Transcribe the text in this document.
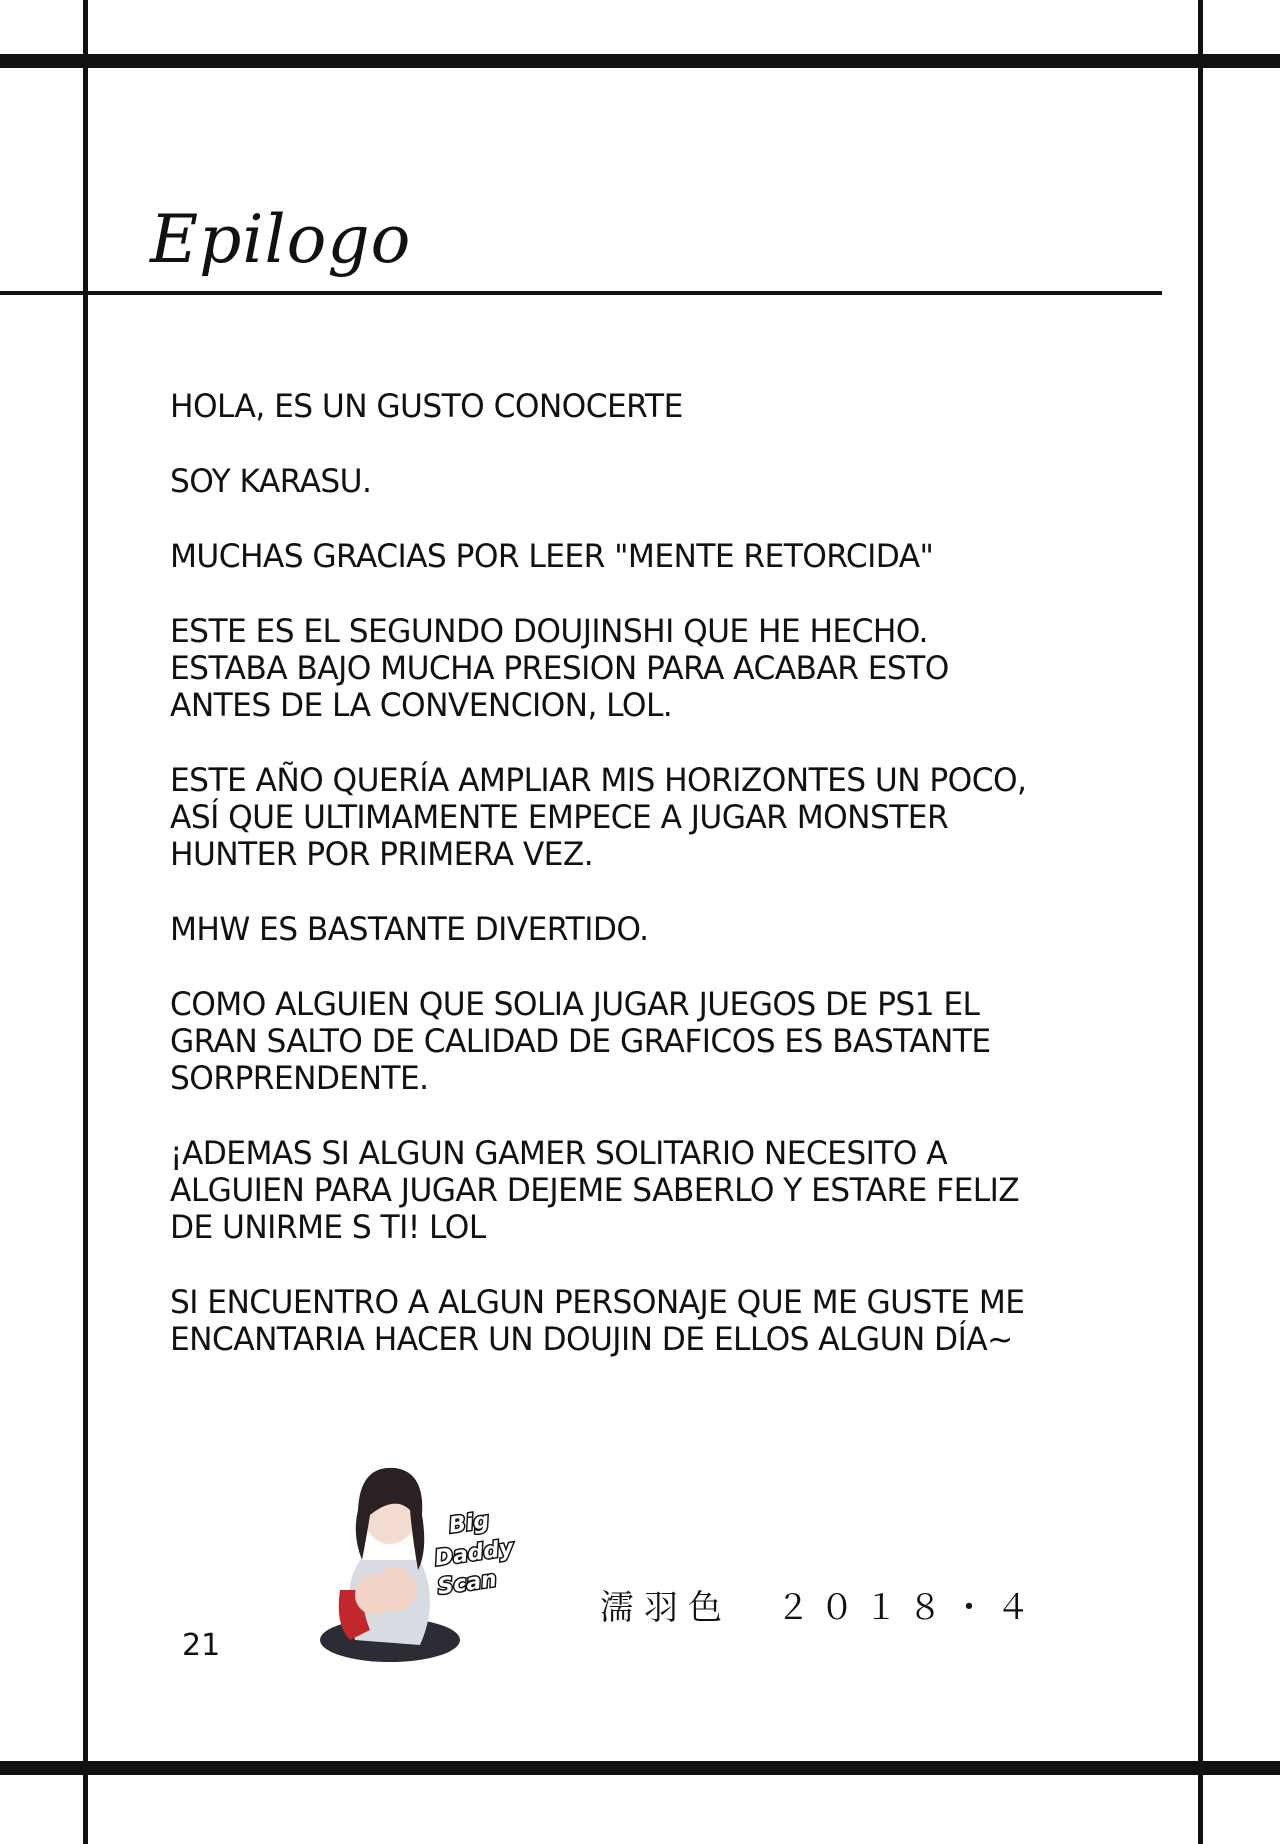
Epilogo
HOLA, ES UN GUSTO CONOCERTE
SOY KARASU.
MUCHAS GRACIAS POR LEER "MENTE RETORCIDA"
ESTE ES EL SEGUNDO DOUJINSHI QUE HE HECHO.
ESTABA BAJO MUCHA PRESION PARA ACABAR ESTO
ANTES DE LA CONVENCION, LOL.
ESTE AÑO QUERÍA AMPLIAR MIS HORIZONTES UN POCO,
ASÍ QUE ULTIMAMENTE EMPECE A JUGAR MONSTER
HUNTER POR PRIMERA VEZ.
MHW ES BASTANTE DIVERTIDO.
COMO ALGUIEN QUE SOLIA JUGAR JUEGOS DE PS1 EL
GRAN SALTO DE CALIDAD DE GRAFICOS ES BASTANTE
SORPRENDENTE.
¡ADEMAS SI ALGUN GAMER SOLITARIO NECESITO A
ALGUIEN PARA JUGAR DEJEME SABERLO Y ESTARE FELIZ
DE UNIRME S TI! LOL
SI ENCUENTRO A ALGUN PERSONAJE QUE ME GUSTE ME
ENCANTARIA HACER UN DOUJIN DE ELLOS ALGUN DÍA~
Big
Daddy
Scan
濡羽色　２０１８・４
21
